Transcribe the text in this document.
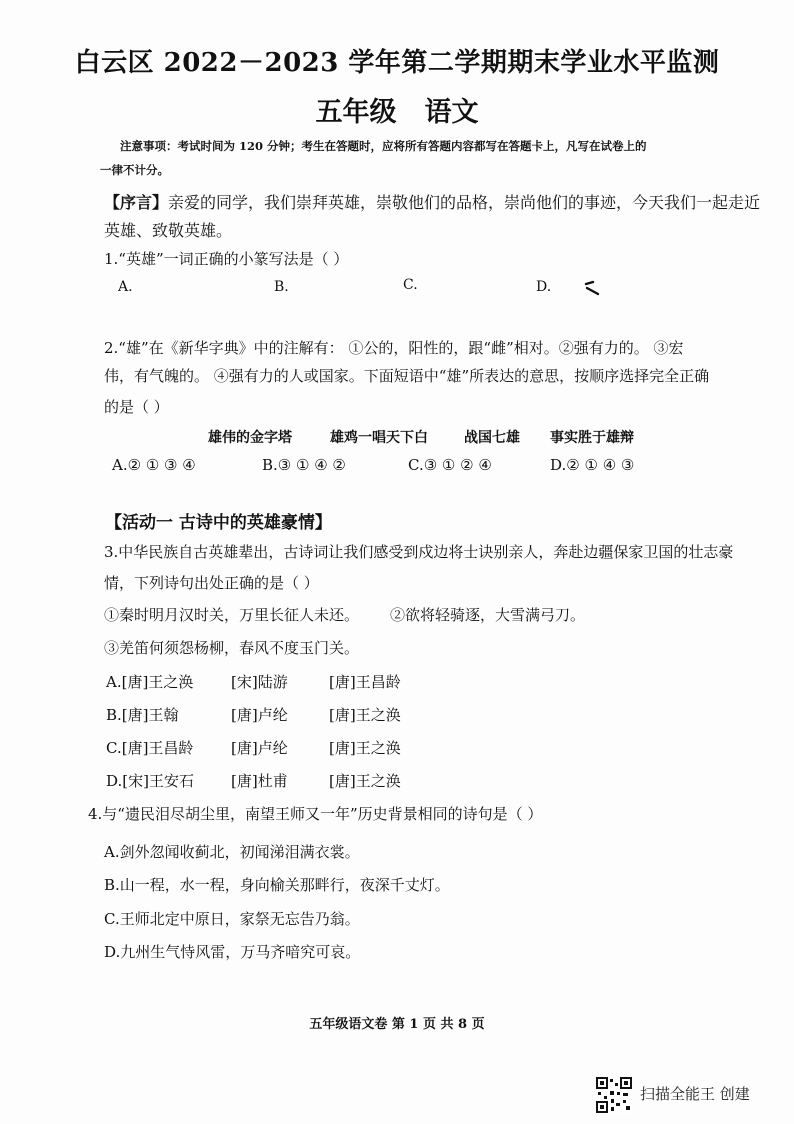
白云区 2022－2023 学年第二学期期末学业水平监测
五年级 语文
注意事项：考试时间为 120 分钟；考生在答题时，应将所有答题内容都写在答题卡上，凡写在试卷上的
一律不计分。
【序言】亲爱的同学，我们崇拜英雄，崇敬他们的品格，崇尚他们的事迹，今天我们一起走近
英雄、致敬英雄。
1.“英雄”一词正确的小篆写法是（ ）
A.	B.	C.	D.
2.“雄”在《新华字典》中的注解有： ①公的，阳性的，跟“雌”相对。②强有力的。 ③宏
伟，有气魄的。 ④强有力的人或国家。下面短语中“雄”所表达的意思，按顺序选择完全正确
的是（ ）
雄伟的金字塔	雄鸡一唱天下白	战国七雄 事实胜于雄辩
A.② ① ③ ④	B.③ ① ④ ②	C.③ ① ② ④	D.② ① ④ ③
【活动一 古诗中的英雄豪情】
3.中华民族自古英雄辈出，古诗词让我们感受到戍边将士诀别亲人，奔赴边疆保家卫国的壮志豪
情，下列诗句出处正确的是（ ）
①秦时明月汉时关，万里长征人未还。 ②欲将轻骑逐，大雪满弓刀。
③羌笛何须怨杨柳，春风不度玉门关。
A.[唐]王之涣	[宋]陆游	[唐]王昌龄
B.[唐]王翰	[唐]卢纶	[唐]王之涣
C.[唐]王昌龄	[唐]卢纶	[唐]王之涣
D.[宋]王安石 [唐]杜甫	[唐]王之涣
4.与“遗民泪尽胡尘里，南望王师又一年”历史背景相同的诗句是（ ）
A.剑外忽闻收蓟北，初闻涕泪满衣裳。
B.山一程，水一程，身向榆关那畔行，夜深千丈灯。
C.王师北定中原日，家祭无忘告乃翁。
D.九州生气恃风雷，万马齐喑究可哀。
五年级语文卷 第 1 页 共 8 页
扫描全能王 创建
